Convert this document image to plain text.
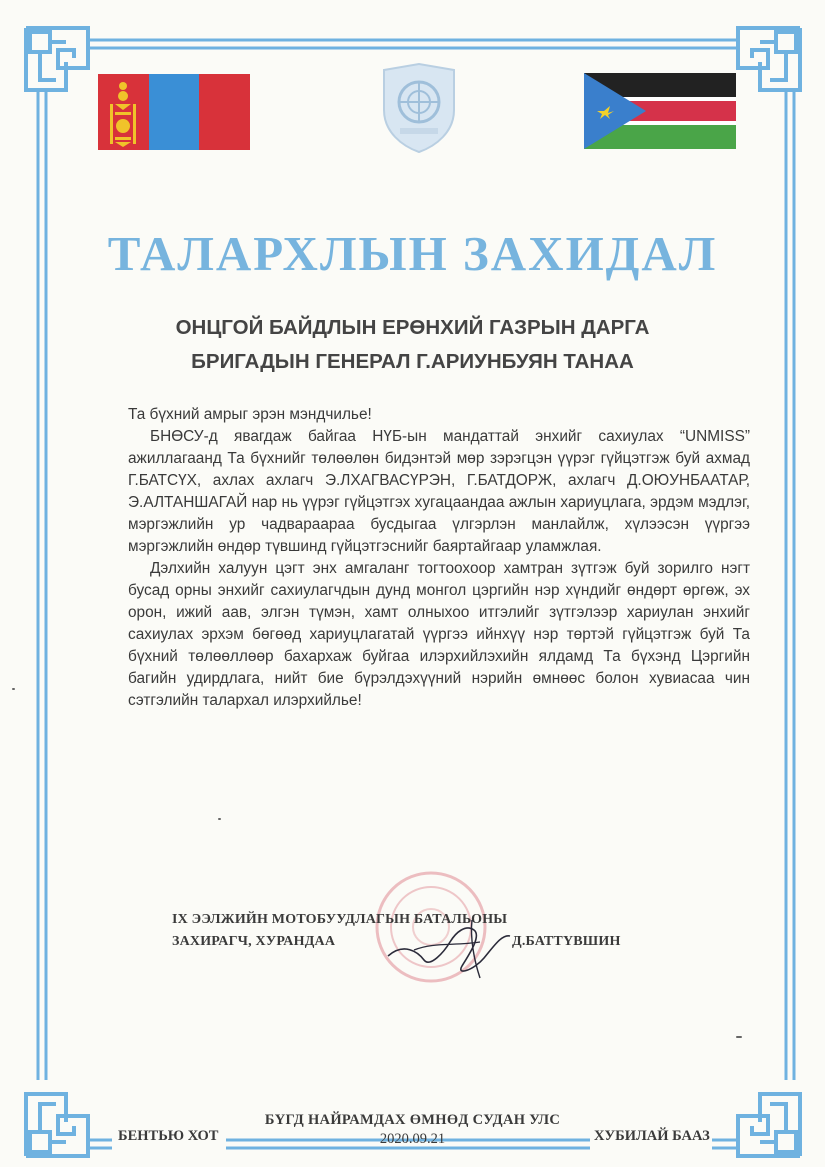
ТАЛАРХЛЫН ЗАХИДАЛ
ОНЦГОЙ БАЙДЛЫН ЕРӨНХИЙ ГАЗРЫН ДАРГА
БРИГАДЫН ГЕНЕРАЛ Г.АРИУНБУЯН ТАНАА

Та бүхний амрыг эрэн мэндчилье!

БНӨСУ-д явагдаж байгаа НҮБ-ын мандаттай энхийг сахиулах “UNMISS” ажиллагаанд Та бүхнийг төлөөлөн бидэнтэй мөр зэрэгцэн үүрэг гүйцэтгэж буй ахмад Г.БАТСҮХ, ахлах ахлагч Э.ЛХАГВАСҮРЭН, Г.БАТДОРЖ, ахлагч Д.ОЮУНБААТАР, Э.АЛТАНШАГАЙ нар нь үүрэг гүйцэтгэх хугацаандаа ажлын хариуцлага, эрдэм мэдлэг, мэргэжлийн ур чадвараараа бусдыгаа үлгэрлэн манлайлж, хүлээсэн үүргээ мэргэжлийн өндөр түвшинд гүйцэтгэснийг баяртайгаар уламжлая.

Дэлхийн халуун цэгт энх амгаланг тогтоохоор хамтран зүтгэж буй зорилго нэгт бусад орны энхийг сахиулагчдын дунд монгол цэргийн нэр хүндийг өндөрт өргөж, эх орон, ижий аав, элгэн түмэн, хамт олныхоо итгэлийг зүтгэлээр хариулан энхийг сахиулах эрхэм бөгөөд хариуцлагатай үүргээ ийнхүү нэр төртэй гүйцэтгэж буй Та бүхний төлөөллөөр бахархаж буйгаа илэрхийлэхийн ялдамд Та бүхэнд Цэргийн багийн удирдлага, нийт бие бүрэлдэхүүний нэрийн өмнөөс болон хувиасаа чин сэтгэлийн талархал илэрхийлье!

IX ЭЭЛЖИЙН МОТОБУУДЛАГЫН БАТАЛЬОНЫ
ЗАХИРАГЧ, ХУРАНДАА	Д.БАТТҮВШИН
БҮГД НАЙРАМДАХ ӨМНӨД СУДАН УЛС
2020.09.21
БЕНТЬЮ ХОТ	ХУБИЛАЙ БААЗ
